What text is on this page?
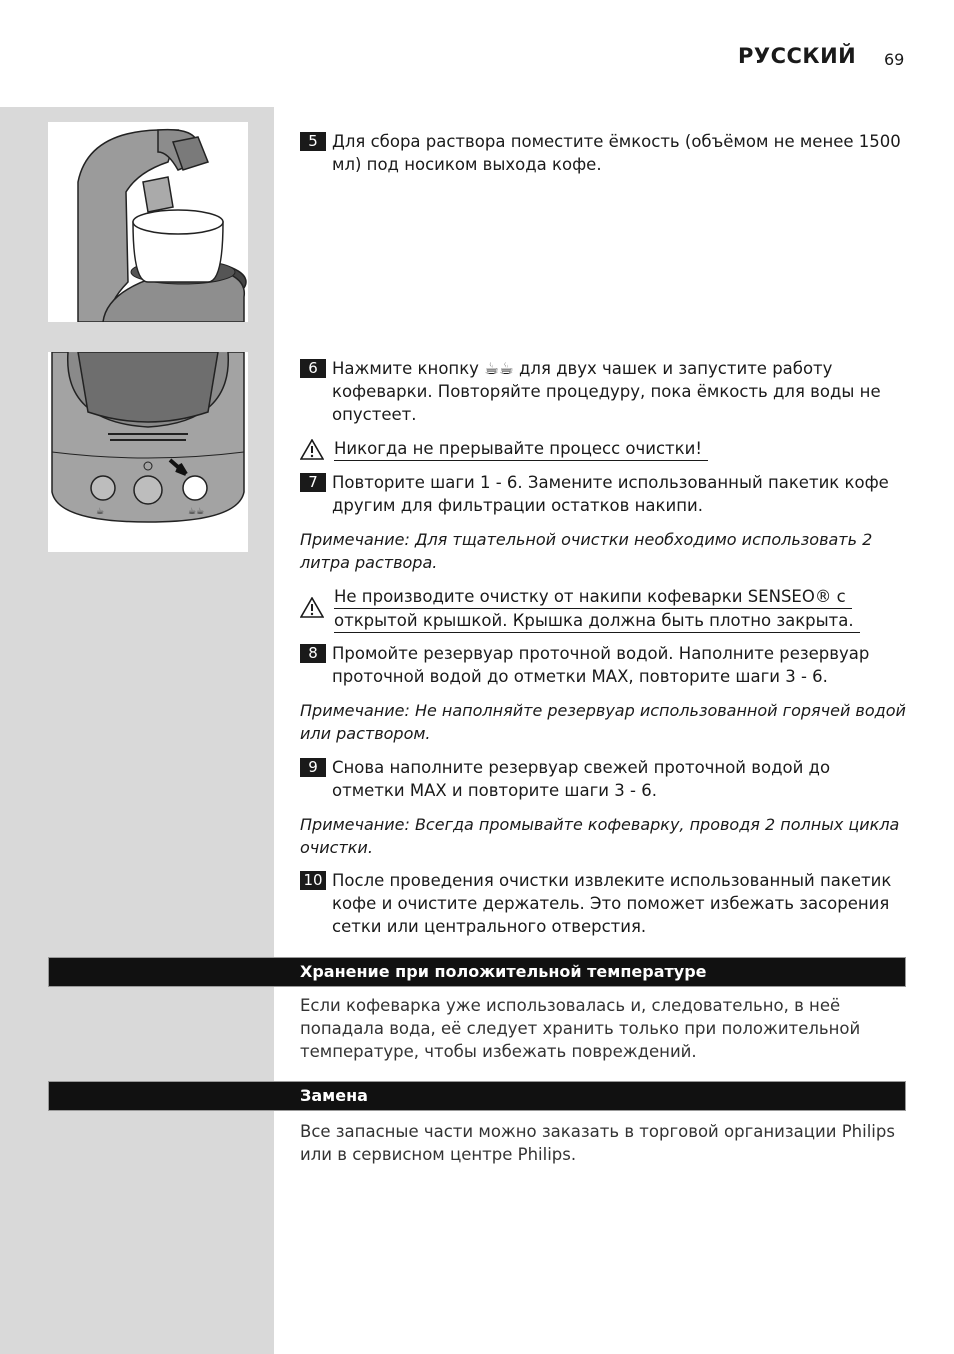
РУССКИЙ 69
☕	☕☕
5 Для сбора раствора поместите ёмкость (объёмом не менее 1500 мл) под носиком выхода кофе.
6 Нажмите кнопку ☕☕ для двух чашек и запустите работу кофеварки. Повторяйте процедуру, пока ёмкость для воды не опустеет.
Никогда не прерывайте процесс очистки!
7 Повторите шаги 1 - 6. Замените использованный пакетик кофе другим для фильтрации остатков накипи.
Примечание: Для тщательной очистки необходимо использовать 2 литра раствора.
Не производите очистку от накипи кофеварки SENSEO® с
открытой крышкой. Крышка должна быть плотно закрыта.
8 Промойте резервуар проточной водой. Наполните резервуар проточной водой до отметки MAX, повторите шаги 3 - 6.
Примечание: Не наполняйте резервуар использованной горячей водой или раствором.
9 Снова наполните резервуар свежей проточной водой до отметки MAX и повторите шаги 3 - 6.
Примечание: Всегда промывайте кофеварку, проводя 2 полных цикла очистки.
10 После проведения очистки извлеките использованный пакетик кофе и очистите держатель. Это поможет избежать засорения сетки или центрального отверстия.
Хранение при положительной температуре
Если кофеварка уже использовалась и, следовательно, в неё попадала вода, её следует хранить только при положительной температуре, чтобы избежать повреждений.
Замена
Все запасные части можно заказать в торговой организации Philips или в сервисном центре Philips.
